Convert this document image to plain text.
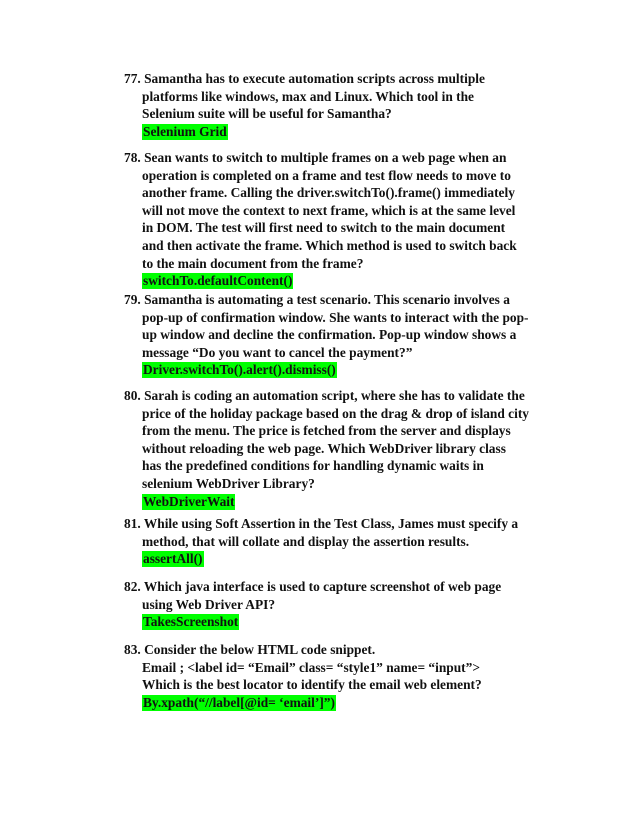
77. Samantha has to execute automation scripts across multiple
platforms like windows, max and Linux. Which tool in the
Selenium suite will be useful for Samantha?
Selenium Grid
78. Sean wants to switch to multiple frames on a web page when an
operation is completed on a frame and test flow needs to move to
another frame. Calling the driver.switchTo().frame() immediately
will not move the context to next frame, which is at the same level
in DOM. The test will first need to switch to the main document
and then activate the frame. Which method is used to switch back
to the main document from the frame?
switchTo.defaultContent()
79. Samantha is automating a test scenario. This scenario involves a
pop-up of confirmation window. She wants to interact with the pop-
up window and decline the confirmation. Pop-up window shows a
message “Do you want to cancel the payment?”
Driver.switchTo().alert().dismiss()
80. Sarah is coding an automation script, where she has to validate the
price of the holiday package based on the drag & drop of island city
from the menu. The price is fetched from the server and displays
without reloading the web page. Which WebDriver library class
has the predefined conditions for handling dynamic waits in
selenium WebDriver Library?
WebDriverWait
81. While using Soft Assertion in the Test Class, James must specify a
method, that will collate and display the assertion results.
assertAll()
82. Which java interface is used to capture screenshot of web page
using Web Driver API?
TakesScreenshot
83. Consider the below HTML code snippet.
Email ; <label id= “Email” class= “style1” name= “input”>
Which is the best locator to identify the email web element?
By.xpath(“//label[@id= ‘email’]”)
